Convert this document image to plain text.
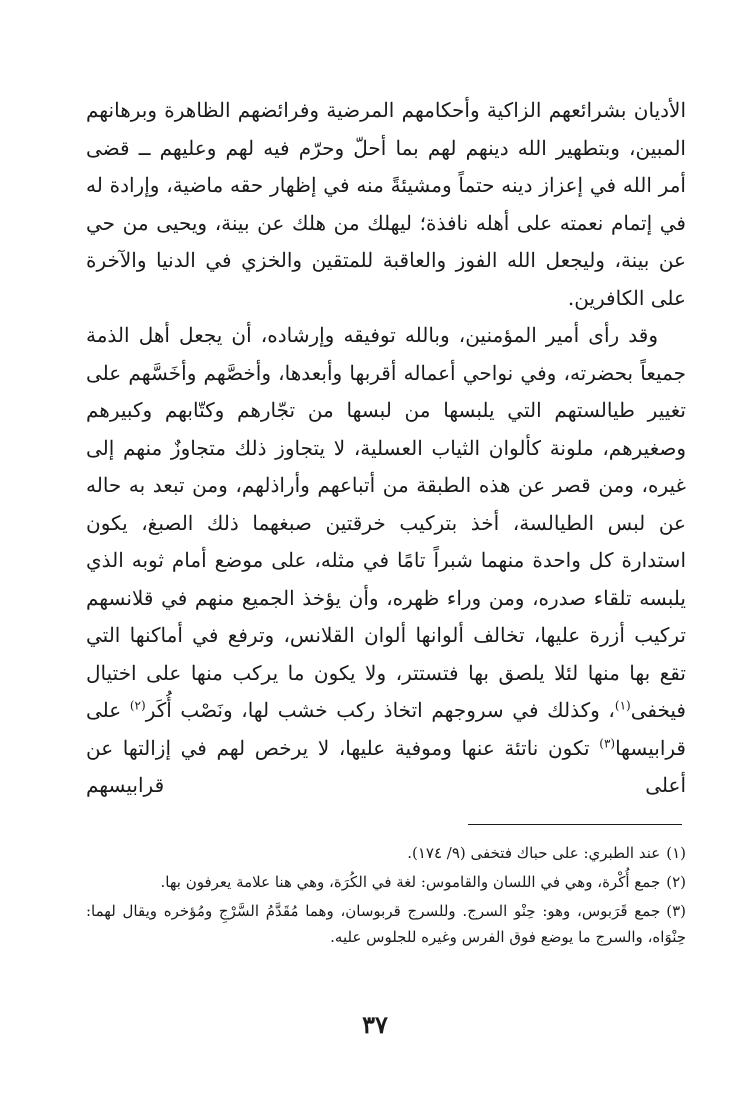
الأديان بشرائعهم الزاكية وأحكامهم المرضية وفرائضهم الظاهرة وبرهانهم المبين، وبتطهير الله دينهم لهم بما أحلّ وحرّم فيه لهم وعليهم ــ قضى أمر الله في إعزاز دينه حتماً ومشيئةً منه في إظهار حقه ماضية، وإرادة له في إتمام نعمته على أهله نافذة؛ ليهلك من هلك عن بينة، ويحيى من حي عن بينة، وليجعل الله الفوز والعاقبة للمتقين والخزي في الدنيا والآخرة على الكافرين.

وقد رأى أمير المؤمنين، وبالله توفيقه وإرشاده، أن يجعل أهل الذمة جميعاً بحضرته، وفي نواحي أعماله أقربها وأبعدها، وأخصَّهم وأخَسَّهم على تغيير طيالستهم التي يلبسها من لبسها من تجّارهم وكتّابهم وكبيرهم وصغيرهم، ملونة كألوان الثياب العسلية، لا يتجاوز ذلك متجاوزٌ منهم إلى غيره، ومن قصر عن هذه الطبقة من أتباعهم وأراذلهم، ومن تبعد به حاله عن لبس الطيالسة، أخذ بتركيب خرقتين صبغهما ذلك الصبغ، يكون استدارة كل واحدة منهما شبراً تامًا في مثله، على موضع أمام ثوبه الذي يلبسه تلقاء صدره، ومن وراء ظهره، وأن يؤخذ الجميع منهم في قلانسهم تركيب أزرة عليها، تخالف ألوانها ألوان القلانس، وترفع في أماكنها التي تقع بها منها لئلا يلصق بها فتستتر، ولا يكون ما يركب منها على اختيال فيخفى$^{(١)}$، وكذلك في سروجهم اتخاذ ركب خشب لها، ونَصْب أُكَر$^{(٢)}$ على قرابيسها$^{(٣)}$ تكون ناتئة عنها وموفية عليها، لا يرخص لهم في إزالتها عن أعلى قرابيسهم

(١)عند الطبري: على حباك فتخفى (٩/ ١٧٤).

(٢)جمع أُكْرة، وهي في اللسان والقاموس: لغة في الكُرَة، وهي هنا علامة يعرفون بها.

(٣)جمع قَرَبوس، وهو: حِنْو السرج. وللسرج قربوسان، وهما مُقَدَّمُ السَّرْجِ ومُؤخره ويقال لهما: حِنْوَاه، والسرج ما يوضع فوق الفرس وغيره للجلوس عليه.

٣٧
